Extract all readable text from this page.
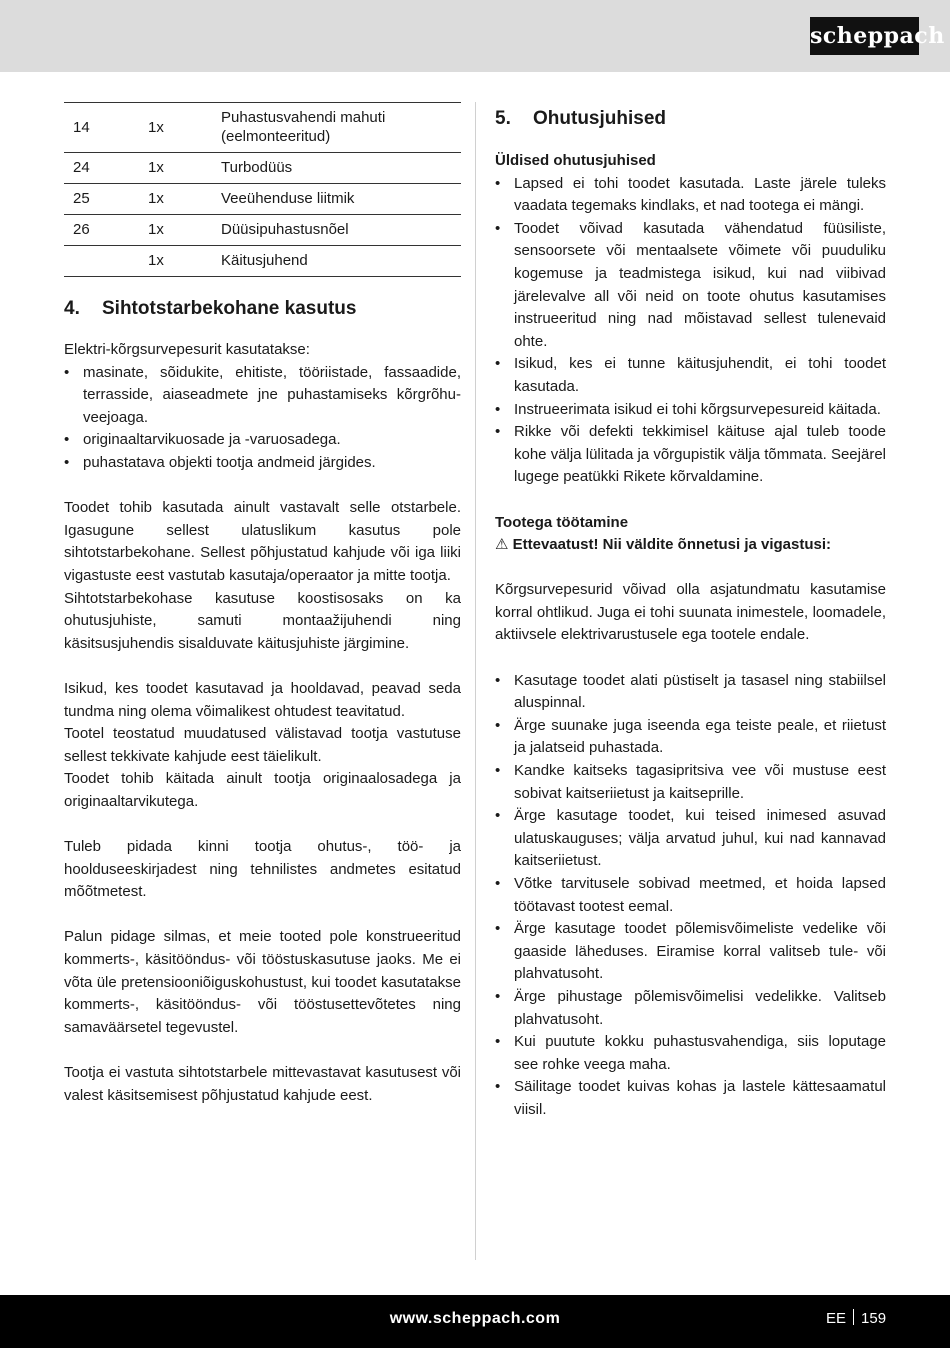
scheppach
14	1x	Puhastusvahendi mahuti (eelmonteeritud)
24	1x	Turbodüüs
25	1x	Veeühenduse liitmik
26	1x	Düüsipuhastusnõel
	1x	Käitusjuhend
4. Sihtotstarbekohane kasutus

Elektri-kõrgsurvepesurit kasutatakse:

• masinate, sõidukite, ehitiste, tööriistade, fassaadide, terrasside, aiaseadmete jne puhastamiseks kõrgrõhu-veejoaga.
• originaaltarvikuosade ja -varuosadega.
• puhastatava objekti tootja andmeid järgides.

Toodet tohib kasutada ainult vastavalt selle otstarbele. Igasugune sellest ulatuslikum kasutus pole sihtotstarbekohane. Sellest põhjustatud kahjude või iga liiki vigastuste eest vastutab kasutaja/operaator ja mitte tootja.

Sihtotstarbekohase kasutuse koostisosaks on ka ohutusjuhiste, samuti montaažijuhendi ning käsitsusjuhendis sisalduvate käitusjuhiste järgimine.

Isikud, kes toodet kasutavad ja hooldavad, peavad seda tundma ning olema võimalikest ohtudest teavitatud.

Tootel teostatud muudatused välistavad tootja vastutuse sellest tekkivate kahjude eest täielikult.

Toodet tohib käitada ainult tootja originaalosadega ja originaaltarvikutega.

Tuleb pidada kinni tootja ohutus-, töö- ja hooldusееskirjadest ning tehnilistes andmetes esitatud mõõtmetest.

Palun pidage silmas, et meie tooted pole konstrueeritud kommerts-, käsitööndus- või tööstuskasutuse jaoks. Me ei võta üle pretensioonіõiguskohustust, kui toodet kasutatakse kommerts-, käsitööndus- või tööstusettevõtetes ning samaväärsetel tegevustel.

Tootja ei vastuta sihtotstarbele mittevastavat kasutusest või valest käsitsemisest põhjustatud kahjude eest.

5. Ohutusjuhised

Üldised ohutusjuhised

• Lapsed ei tohi toodet kasutada. Laste järele tuleks vaadata tegemaks kindlaks, et nad tootega ei mängi.
• Toodet võivad kasutada vähendatud füüsiliste, sensoorsete või mentaalsete võimete või puuduliku kogemuse ja teadmistega isikud, kui nad viibivad järelevalve all või neid on toote ohutus kasutamises instrueeritud ning nad mõistavad sellest tulenevaid ohte.
• Isikud, kes ei tunne käitusjuhendit, ei tohi toodet kasutada.
• Instrueerimata isikud ei tohi kõrgsurvepesureid käitada.
• Rikke või defekti tekkimisel käituse ajal tuleb toode kohe välja lülitada ja võrgupistik välja tõmmata. Seejärel lugege peatükki Rikete kõrvaldamine.

Tootega töötamine

⚠ Ettevaatust! Nii väldite õnnetusi ja vigastusi:

Kõrgsurvepesurid võivad olla asjatundmatu kasutamise korral ohtlikud. Juga ei tohi suunata inimestele, loomadele, aktiivsele elektrivarustusele ega tootele endale.

• Kasutage toodet alati püstiselt ja tasasel ning stabiilsel aluspinnal.
• Ärge suunake juga iseenda ega teiste peale, et riietust ja jalatseid puhastada.
• Kandke kaitseks tagasipritsiva vee või mustuse eest sobivat kaitseriietust ja kaitseprille.
• Ärge kasutage toodet, kui teised inimesed asuvad ulatuskauguses; välja arvatud juhul, kui nad kannavad kaitseriietust.
• Võtke tarvitusele sobivad meetmed, et hoida lapsed töötavast tootest eemal.
• Ärge kasutage toodet põlemisvõimeliste vedelike või gaaside läheduses. Eiramise korral valitseb tule- või plahvatusoht.
• Ärge pihustage põlemisvõimelisi vedelikke. Valitseb plahvatusoht.
• Kui puutute kokku puhastusvahendiga, siis loputage see rohke veega maha.
• Säilitage toodet kuivas kohas ja lastele kättesaamatul viisil.
www.scheppach.com	EE 159
